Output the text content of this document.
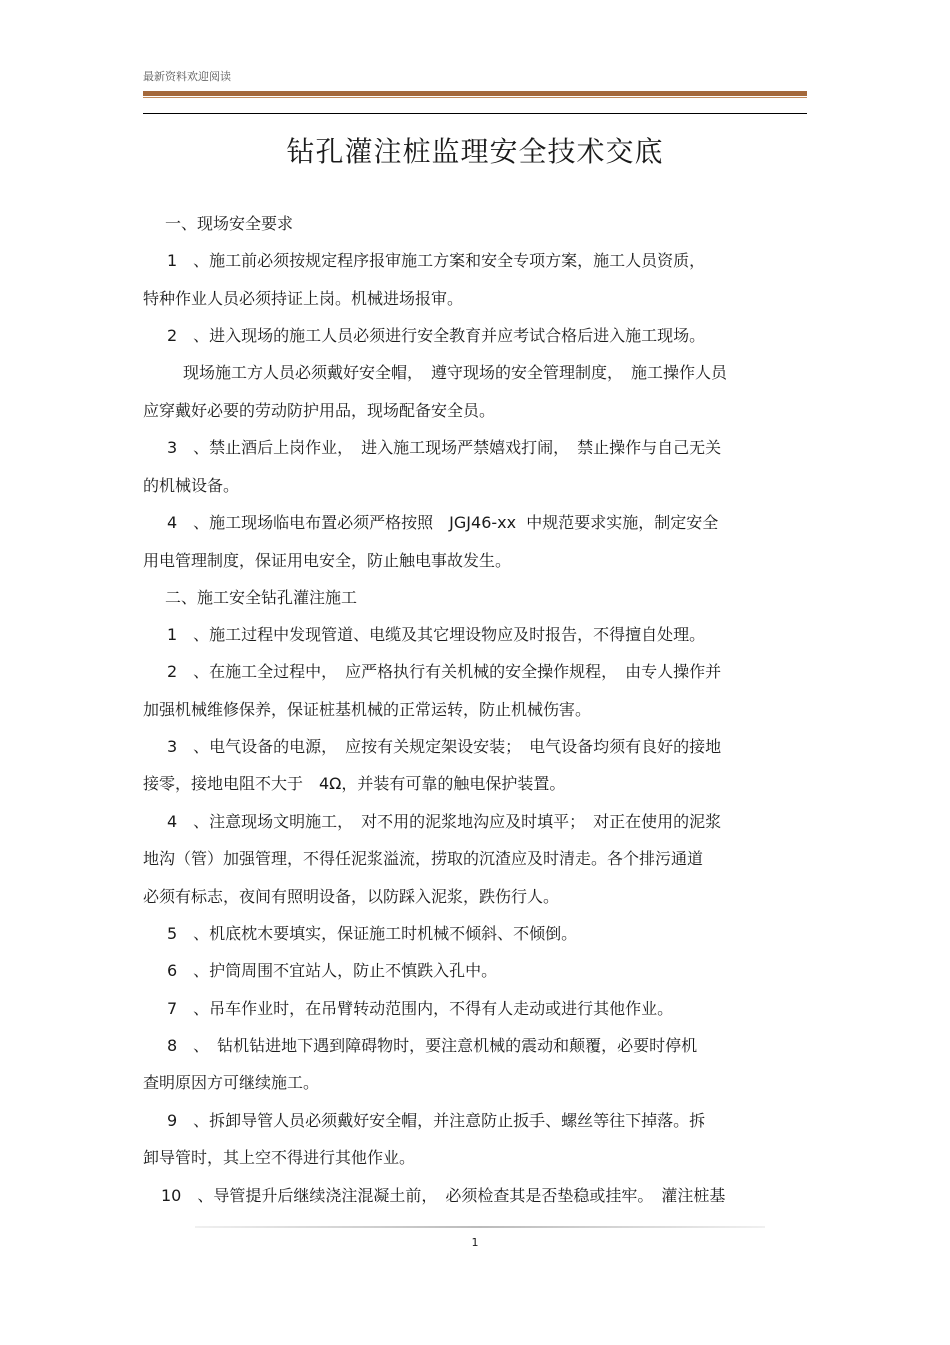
最新资料欢迎阅读
钻孔灌注桩监理安全技术交底
一、现场安全要求
1　、施工前必须按规定程序报审施工方案和安全专项方案，施工人员资质，
特种作业人员必须持证上岗。机械进场报审。
2　、进入现场的施工人员必须进行安全教育并应考试合格后进入施工现场。
现场施工方人员必须戴好安全帽，　遵守现场的安全管理制度，　施工操作人员
应穿戴好必要的劳动防护用品，现场配备安全员。
3　、禁止酒后上岗作业，　进入施工现场严禁嬉戏打闹，　禁止操作与自己无关
的机械设备。
4　、施工现场临电布置必须严格按照　JGJ46-xx  中规范要求实施，制定安全
用电管理制度，保证用电安全，防止触电事故发生。
二、施工安全钻孔灌注施工
1　、施工过程中发现管道、电缆及其它埋设物应及时报告，不得擅自处理。
2　、在施工全过程中，　应严格执行有关机械的安全操作规程，　由专人操作并
加强机械维修保养，保证桩基机械的正常运转，防止机械伤害。
3　、电气设备的电源，　应按有关规定架设安装；　电气设备均须有良好的接地
接零，接地电阻不大于　4Ω，并装有可靠的触电保护装置。
4　、注意现场文明施工，　对不用的泥浆地沟应及时填平；　对正在使用的泥浆
地沟（管）加强管理，不得任泥浆溢流，捞取的沉渣应及时清走。各个排污通道
必须有标志，夜间有照明设备，以防踩入泥浆，跌伤行人。
5　、机底枕木要填实，保证施工时机械不倾斜、不倾倒。
6　、护筒周围不宜站人，防止不慎跌入孔中。
7　、吊车作业时，在吊臂转动范围内，不得有人走动或进行其他作业。
8　、　钻机钻进地下遇到障碍物时，要注意机械的震动和颠覆，必要时停机
查明原因方可继续施工。
9　、拆卸导管人员必须戴好安全帽，并注意防止扳手、螺丝等往下掉落。拆
卸导管时，其上空不得进行其他作业。
10　、导管提升后继续浇注混凝土前，　必须检查其是否垫稳或挂牢。　灌注桩基
1
